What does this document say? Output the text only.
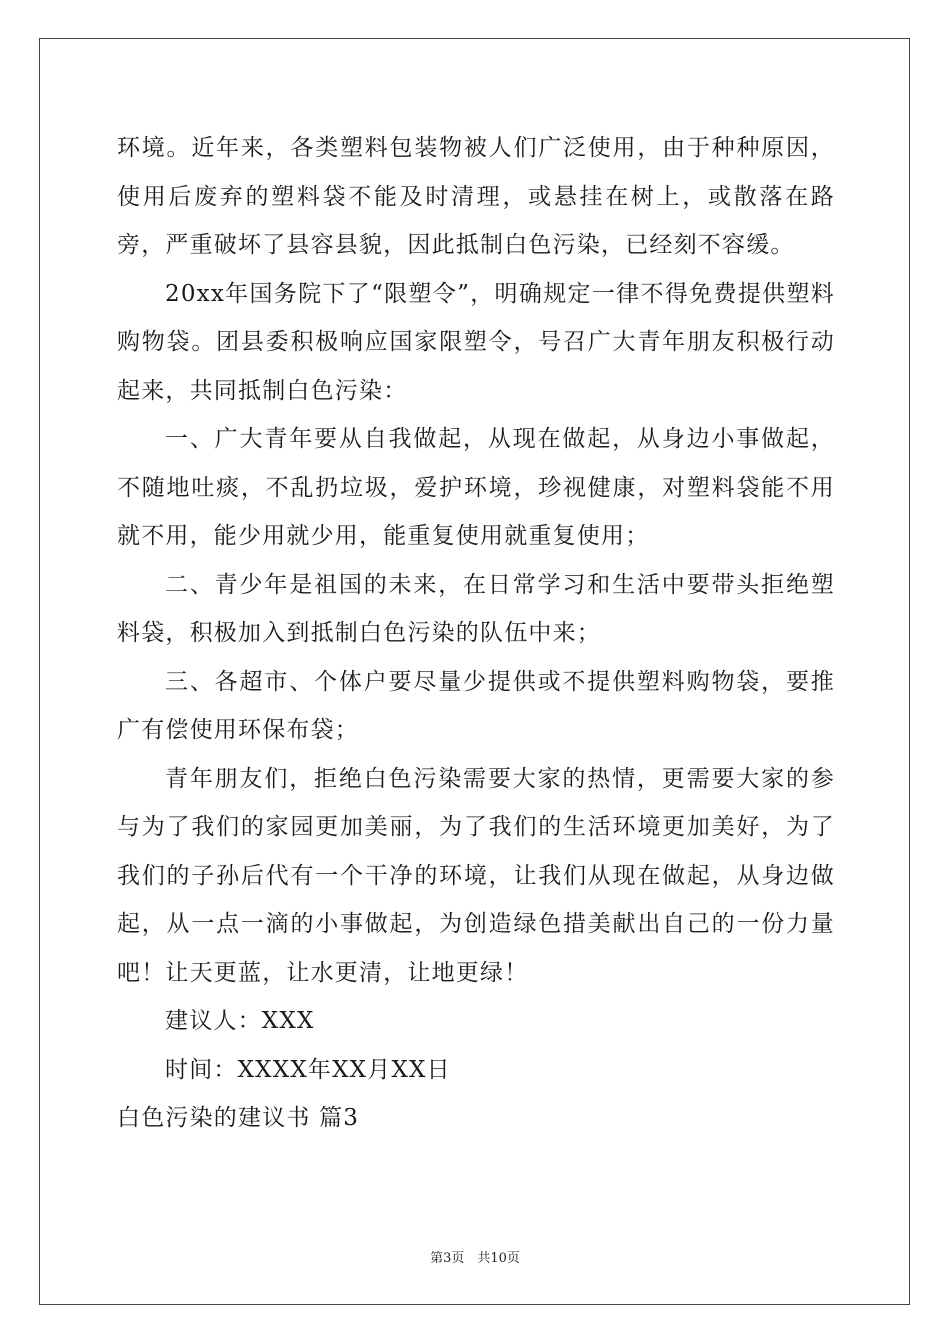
环境。近年来，各类塑料包装物被人们广泛使用，由于种种原因，使用后废弃的塑料袋不能及时清理，或悬挂在树上，或散落在路旁，严重破坏了县容县貌，因此抵制白色污染，已经刻不容缓。

20xx年国务院下了“限塑令”，明确规定一律不得免费提供塑料购物袋。团县委积极响应国家限塑令，号召广大青年朋友积极行动起来，共同抵制白色污染：

一、广大青年要从自我做起，从现在做起，从身边小事做起，不随地吐痰，不乱扔垃圾，爱护环境，珍视健康，对塑料袋能不用就不用，能少用就少用，能重复使用就重复使用；

二、青少年是祖国的未来，在日常学习和生活中要带头拒绝塑料袋，积极加入到抵制白色污染的队伍中来；

三、各超市、个体户要尽量少提供或不提供塑料购物袋，要推广有偿使用环保布袋；

青年朋友们，拒绝白色污染需要大家的热情，更需要大家的参与为了我们的家园更加美丽，为了我们的生活环境更加美好，为了我们的子孙后代有一个干净的环境，让我们从现在做起，从身边做起，从一点一滴的小事做起，为创造绿色措美献出自己的一份力量吧！让天更蓝，让水更清，让地更绿！

建议人：XXX

时间：XXXX年XX月XX日

白色污染的建议书 篇3

第3页　共10页
